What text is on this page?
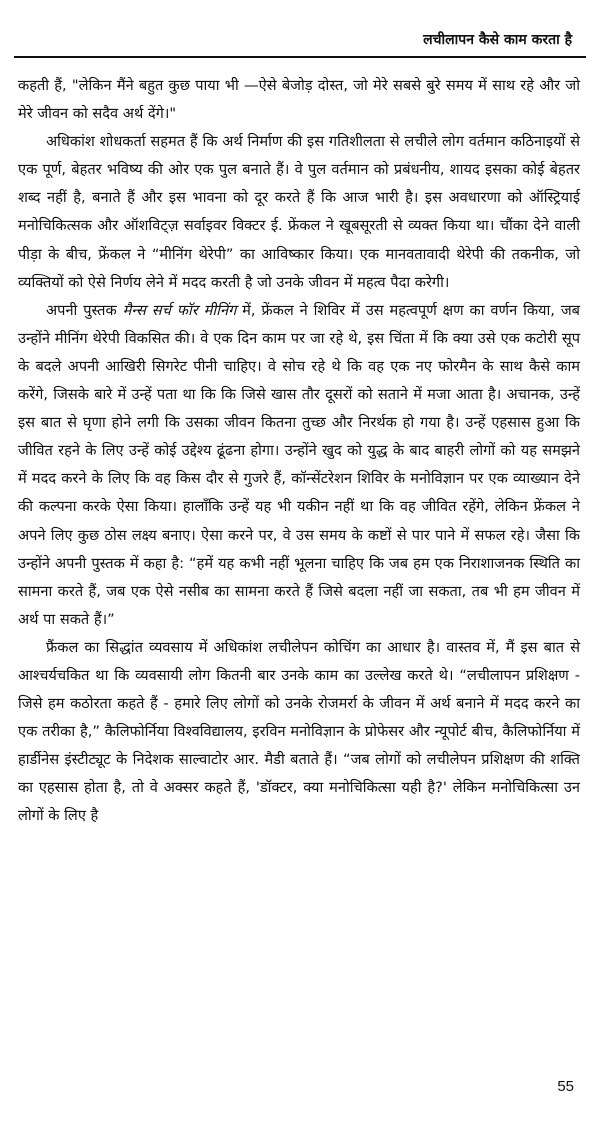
लचीलापन कैसे काम करता है

कहती हैं, "लेकिन मैंने बहुत कुछ पाया भी —ऐसे बेजोड़ दोस्त, जो मेरे सबसे बुरे समय में साथ रहे और जो मेरे जीवन को सदैव अर्थ देंगे।"

अधिकांश शोधकर्ता सहमत हैं कि अर्थ निर्माण की इस गतिशीलता से लचीले लोग वर्तमान कठिनाइयों से एक पूर्ण, बेहतर भविष्य की ओर एक पुल बनाते हैं। वे पुल वर्तमान को प्रबंधनीय, शायद इसका कोई बेहतर शब्द नहीं है, बनाते हैं और इस भावना को दूर करते हैं कि आज भारी है। इस अवधारणा को ऑस्ट्रियाई मनोचिकित्सक और ऑशविट्ज़ सर्वाइवर विक्टर ई. फ्रेंकल ने खूबसूरती से व्यक्त किया था। चौंका देने वाली पीड़ा के बीच, फ्रेंकल ने “मीनिंग थेरेपी” का आविष्कार किया। एक मानवतावादी थेरेपी की तकनीक, जो व्यक्तियों को ऐसे निर्णय लेने में मदद करती है जो उनके जीवन में महत्व पैदा करेगी।

अपनी पुस्तक मैन्स सर्च फॉर मीनिंग में, फ्रेंकल ने शिविर में उस महत्वपूर्ण क्षण का वर्णन किया, जब उन्होंने मीनिंग थेरेपी विकसित की। वे एक दिन काम पर जा रहे थे, इस चिंता में कि क्या उसे एक कटोरी सूप के बदले अपनी आखिरी सिगरेट पीनी चाहिए। वे सोच रहे थे कि वह एक नए फोरमैन के साथ कैसे काम करेंगे, जिसके बारे में उन्हें पता था कि कि जिसे खास तौर दूसरों को सताने में मजा आता है। अचानक, उन्हें इस बात से घृणा होने लगी कि उसका जीवन कितना तुच्छ और निरर्थक हो गया है। उन्हें एहसास हुआ कि जीवित रहने के लिए उन्हें कोई उद्देश्य ढूंढना होगा। उन्होंने खुद को युद्ध के बाद बाहरी लोगों को यह समझने में मदद करने के लिए कि वह किस दौर से गुजरे हैं, कॉन्सेंटरेशन शिविर के मनोविज्ञान पर एक व्याख्यान देने की कल्पना करके ऐसा किया। हालाँकि उन्हें यह भी यकीन नहीं था कि वह जीवित रहेंगे, लेकिन फ्रेंकल ने अपने लिए कुछ ठोस लक्ष्य बनाए। ऐसा करने पर, वे उस समय के कष्टों से पार पाने में सफल रहे। जैसा कि उन्होंने अपनी पुस्तक में कहा है: “हमें यह कभी नहीं भूलना चाहिए कि जब हम एक निराशाजनक स्थिति का सामना करते हैं, जब एक ऐसे नसीब का सामना करते हैं जिसे बदला नहीं जा सकता, तब भी हम जीवन में अर्थ पा सकते हैं।”

फ्रैंकल का सिद्धांत व्यवसाय में अधिकांश लचीलेपन कोचिंग का आधार है। वास्तव में, मैं इस बात से आश्चर्यचकित था कि व्यवसायी लोग कितनी बार उनके काम का उल्लेख करते थे। “लचीलापन प्रशिक्षण - जिसे हम कठोरता कहते हैं - हमारे लिए लोगों को उनके रोजमर्रा के जीवन में अर्थ बनाने में मदद करने का एक तरीका है,” कैलिफोर्निया विश्वविद्यालय, इरविन मनोविज्ञान के प्रोफेसर और न्यूपोर्ट बीच, कैलिफोर्निया में हार्डीनेस इंस्टीट्यूट के निदेशक साल्वाटोर आर. मैडी बताते हैं। “जब लोगों को लचीलेपन प्रशिक्षण की शक्ति का एहसास होता है, तो वे अक्सर कहते हैं, 'डॉक्टर, क्या मनोचिकित्सा यही है?' लेकिन मनोचिकित्सा उन लोगों के लिए है

55
